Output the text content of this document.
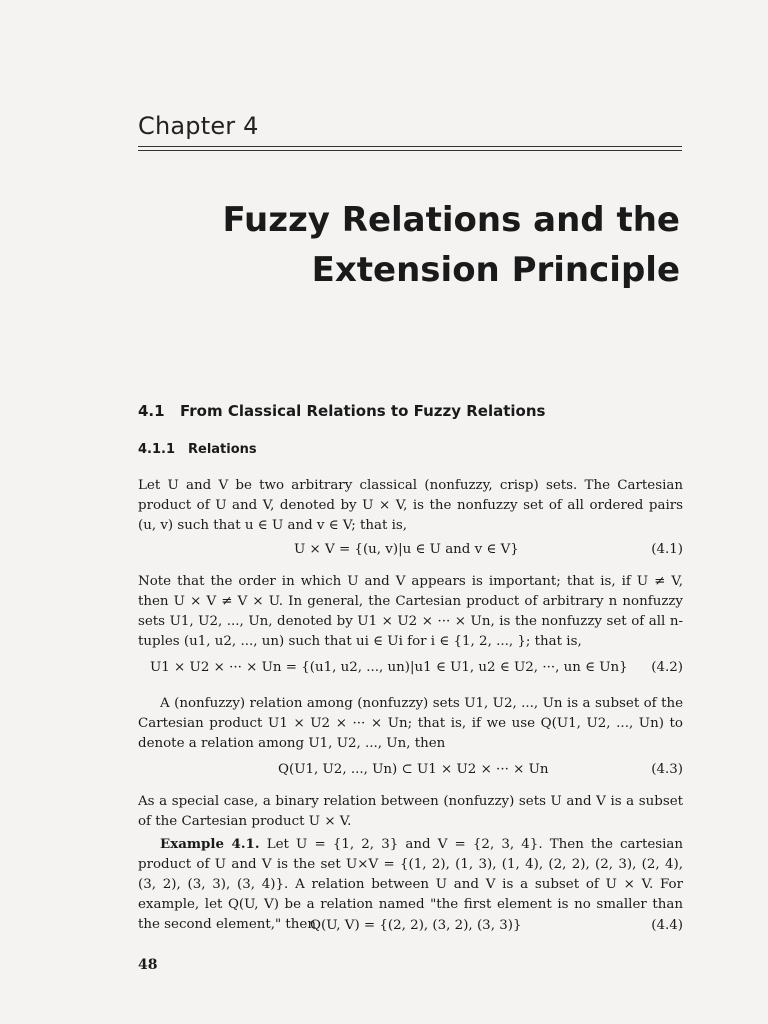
Chapter 4
Fuzzy Relations and the
Extension Principle
4.1 From Classical Relations to Fuzzy Relations
4.1.1 Relations

Let U and V be two arbitrary classical (nonfuzzy, crisp) sets. The Cartesian product of U and V, denoted by U × V, is the nonfuzzy set of all ordered pairs (u, v) such that u ∈ U and v ∈ V; that is,

U × V = {(u, v)|u ∈ U and v ∈ V}	(4.1)

Note that the order in which U and V appears is important; that is, if U ≠ V, then U × V ≠ V × U. In general, the Cartesian product of arbitrary n nonfuzzy sets U1, U2, ..., Un, denoted by U1 × U2 × ··· × Un, is the nonfuzzy set of all n-tuples (u1, u2, ..., un) such that ui ∈ Ui for i ∈ {1, 2, ..., }; that is,

U1 × U2 × ··· × Un = {(u1, u2, ..., un)|u1 ∈ U1, u2 ∈ U2, ···, un ∈ Un} (4.2)

A (nonfuzzy) relation among (nonfuzzy) sets U1, U2, ..., Un is a subset of the Cartesian product U1 × U2 × ··· × Un; that is, if we use Q(U1, U2, ..., Un) to denote a relation among U1, U2, ..., Un, then

Q(U1, U2, ..., Un) ⊂ U1 × U2 × ··· × Un	(4.3)

As a special case, a binary relation between (nonfuzzy) sets U and V is a subset of the Cartesian product U × V.

Example 4.1. Let U = {1, 2, 3} and V = {2, 3, 4}. Then the cartesian product of U and V is the set U×V = {(1, 2), (1, 3), (1, 4), (2, 2), (2, 3), (2, 4), (3, 2), (3, 3), (3, 4)}. A relation between U and V is a subset of U × V. For example, let Q(U, V) be a relation named "the first element is no smaller than the second element," then

Q(U, V) = {(2, 2), (3, 2), (3, 3)}	(4.4)
48
